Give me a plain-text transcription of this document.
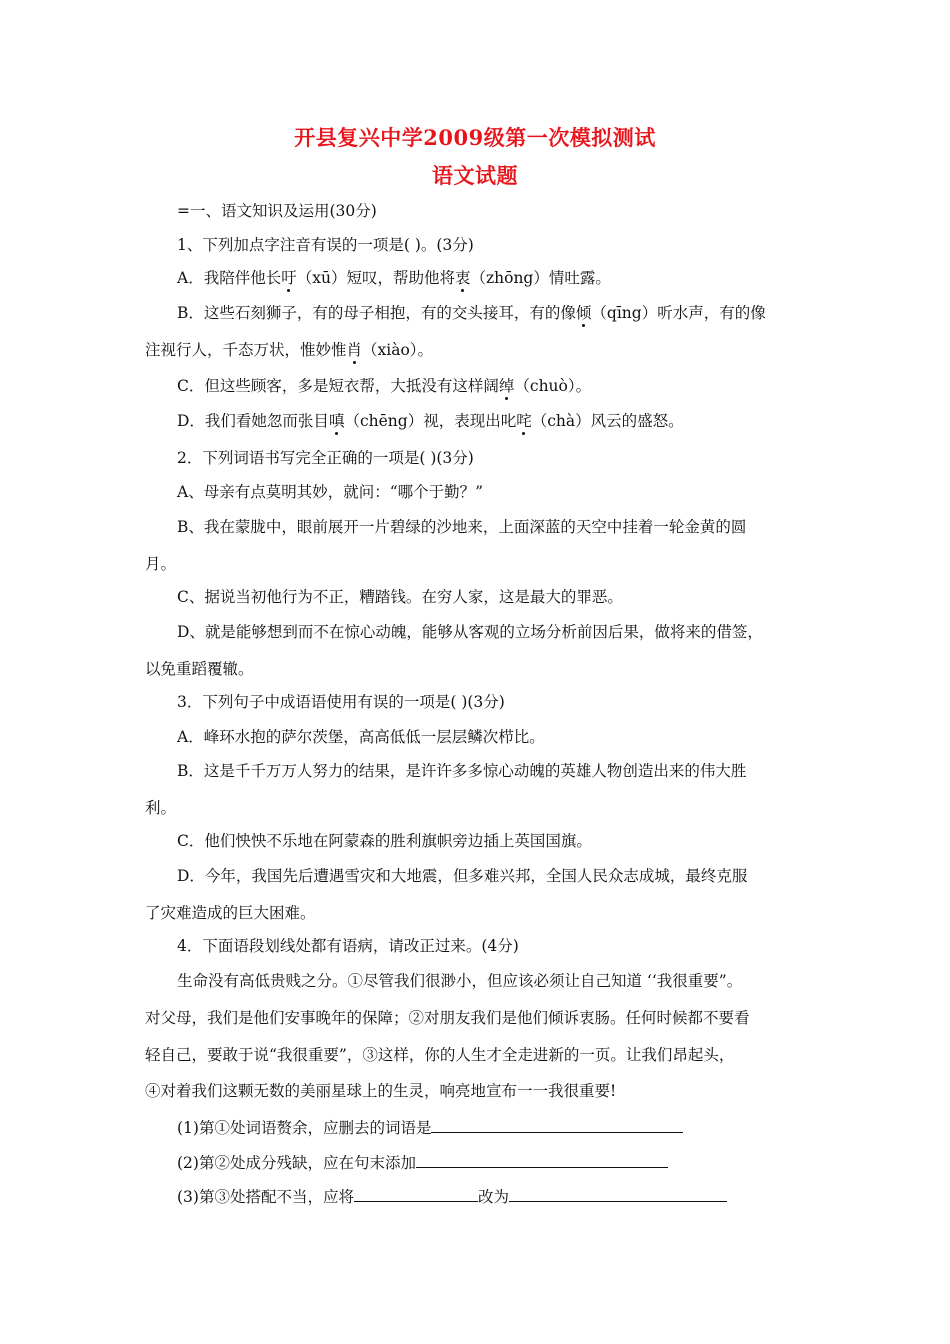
开县复兴中学2009级第一次模拟测试
语文试题
=一、语文知识及运用(30分)
1、下列加点字注音有误的一项是( )。(3分)
A．我陪伴他长吁（xū）短叹，帮助他将衷（zhōng）情吐露。
B．这些石刻狮子，有的母子相抱，有的交头接耳，有的像倾（qīng）听水声，有的像
注视行人，千态万状，惟妙惟肖（xiào）。
C．但这些顾客，多是短衣帮，大抵没有这样阔绰（chuò）。
D．我们看她忽而张目嗔（chēng）视，表现出叱咤（chà）风云的盛怒。
2．下列词语书写完全正确的一项是( )(3分)
A、母亲有点莫明其妙，就问：“哪个于勤？”
B、我在蒙胧中，眼前展开一片碧绿的沙地来，上面深蓝的天空中挂着一轮金黄的圆
月。
C、据说当初他行为不正，糟踏钱。在穷人家，这是最大的罪恶。
D、就是能够想到而不在惊心动魄，能够从客观的立场分析前因后果，做将来的借签，
以免重蹈覆辙。
3．下列句子中成语语使用有误的一项是( )(3分)
A．峰环水抱的萨尔茨堡，高高低低一层层鳞次栉比。
B．这是千千万万人努力的结果，是许许多多惊心动魄的英雄人物创造出来的伟大胜
利。
C．他们怏怏不乐地在阿蒙森的胜利旗帜旁边插上英国国旗。
D．今年，我国先后遭遇雪灾和大地震，但多难兴邦，全国人民众志成城，最终克服
了灾难造成的巨大困难。
4．下面语段划线处都有语病，请改正过来。(4分)
生命没有高低贵贱之分。①尽管我们很渺小，但应该必须让自己知道 ‘‘我很重要”。
对父母，我们是他们安事晚年的保障；②对朋友我们是他们倾诉衷肠。任何时候都不要看
轻自己，要敢于说“我很重要”，③这样，你的人生才全走进新的一页。让我们昂起头，
④对着我们这颗无数的美丽星球上的生灵，响亮地宣布一一我很重要!
(1)第①处词语赘余，应删去的词语是
(2)第②处成分残缺，应在句末添加
(3)第③处搭配不当，应将	改为
